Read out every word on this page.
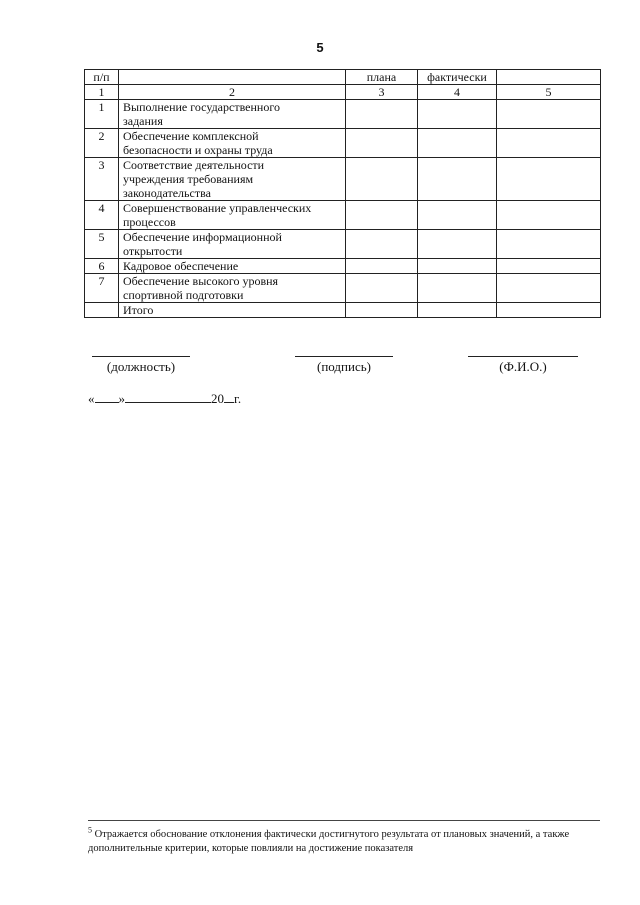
5
п/п		плана	фактически	
1	2	3	4	5
1	Выполнение государственного
задания			

2	Обеспечение комплексной
безопасности и охраны труда			

3	Соответствие деятельности
учреждения требованиям
законодательства			

4	Совершенствование управленческих
процессов			

5	Обеспечение информационной
открытости			

6	Кадровое обеспечение			

7	Обеспечение высокого уровня
спортивной подготовки			

	Итого			

(должность)	(подпись)	(Ф.И.О.)
« »	20 г.
$^5$ Отражается обоснование отклонения фактически достигнутого результата от плановых значений, а также дополнительные критерии, которые повлияли на достижение показателя
